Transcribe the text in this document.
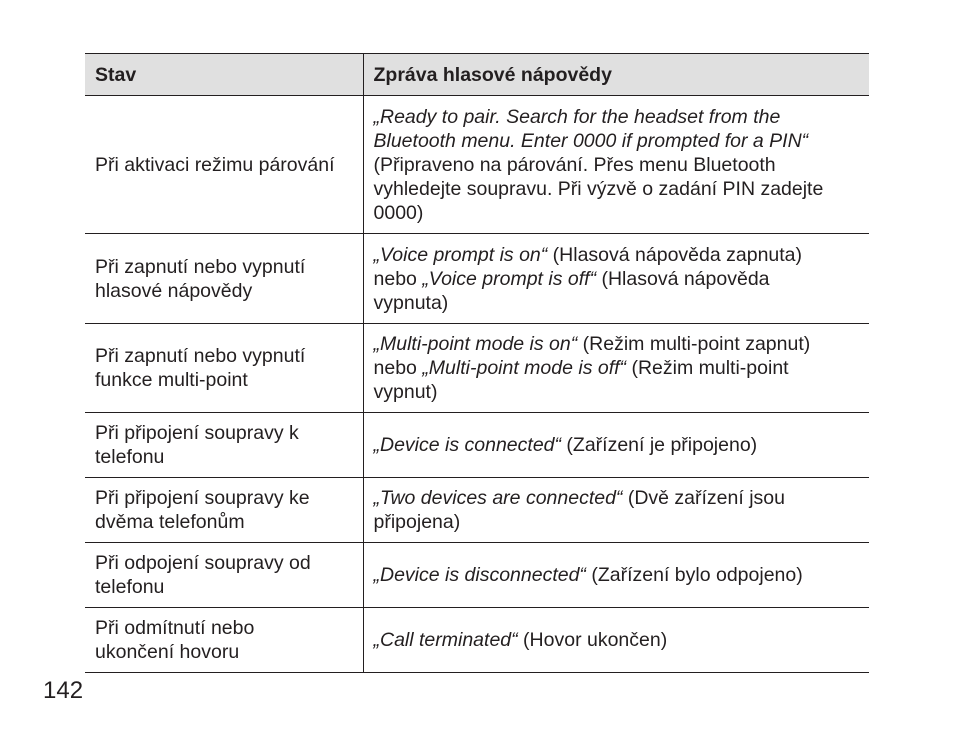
Stav	Zpráva hlasové nápovědy
Při aktivaci režimu párování	„Ready to pair. Search for the headset from the Bluetooth menu. Enter 0000 if prompted for a PIN“ (Připraveno na párování. Přes menu Bluetooth vyhledejte soupravu. Při výzvě o zadání PIN zadejte 0000)
Při zapnutí nebo vypnutí hlasové nápovědy	„Voice prompt is on“ (Hlasová nápověda zapnuta) nebo „Voice prompt is off“ (Hlasová nápověda vypnuta)
Při zapnutí nebo vypnutí funkce multi-point	„Multi-point mode is on“ (Režim multi-point zapnut) nebo „Multi-point mode is off“ (Režim multi-point vypnut)
Při připojení soupravy k telefonu	„Device is connected“ (Zařízení je připojeno)
Při připojení soupravy ke dvěma telefonům	„Two devices are connected“ (Dvě zařízení jsou připojena)
Při odpojení soupravy od telefonu	„Device is disconnected“ (Zařízení bylo odpojeno)
Při odmítnutí nebo ukončení hovoru	„Call terminated“ (Hovor ukončen)
142
